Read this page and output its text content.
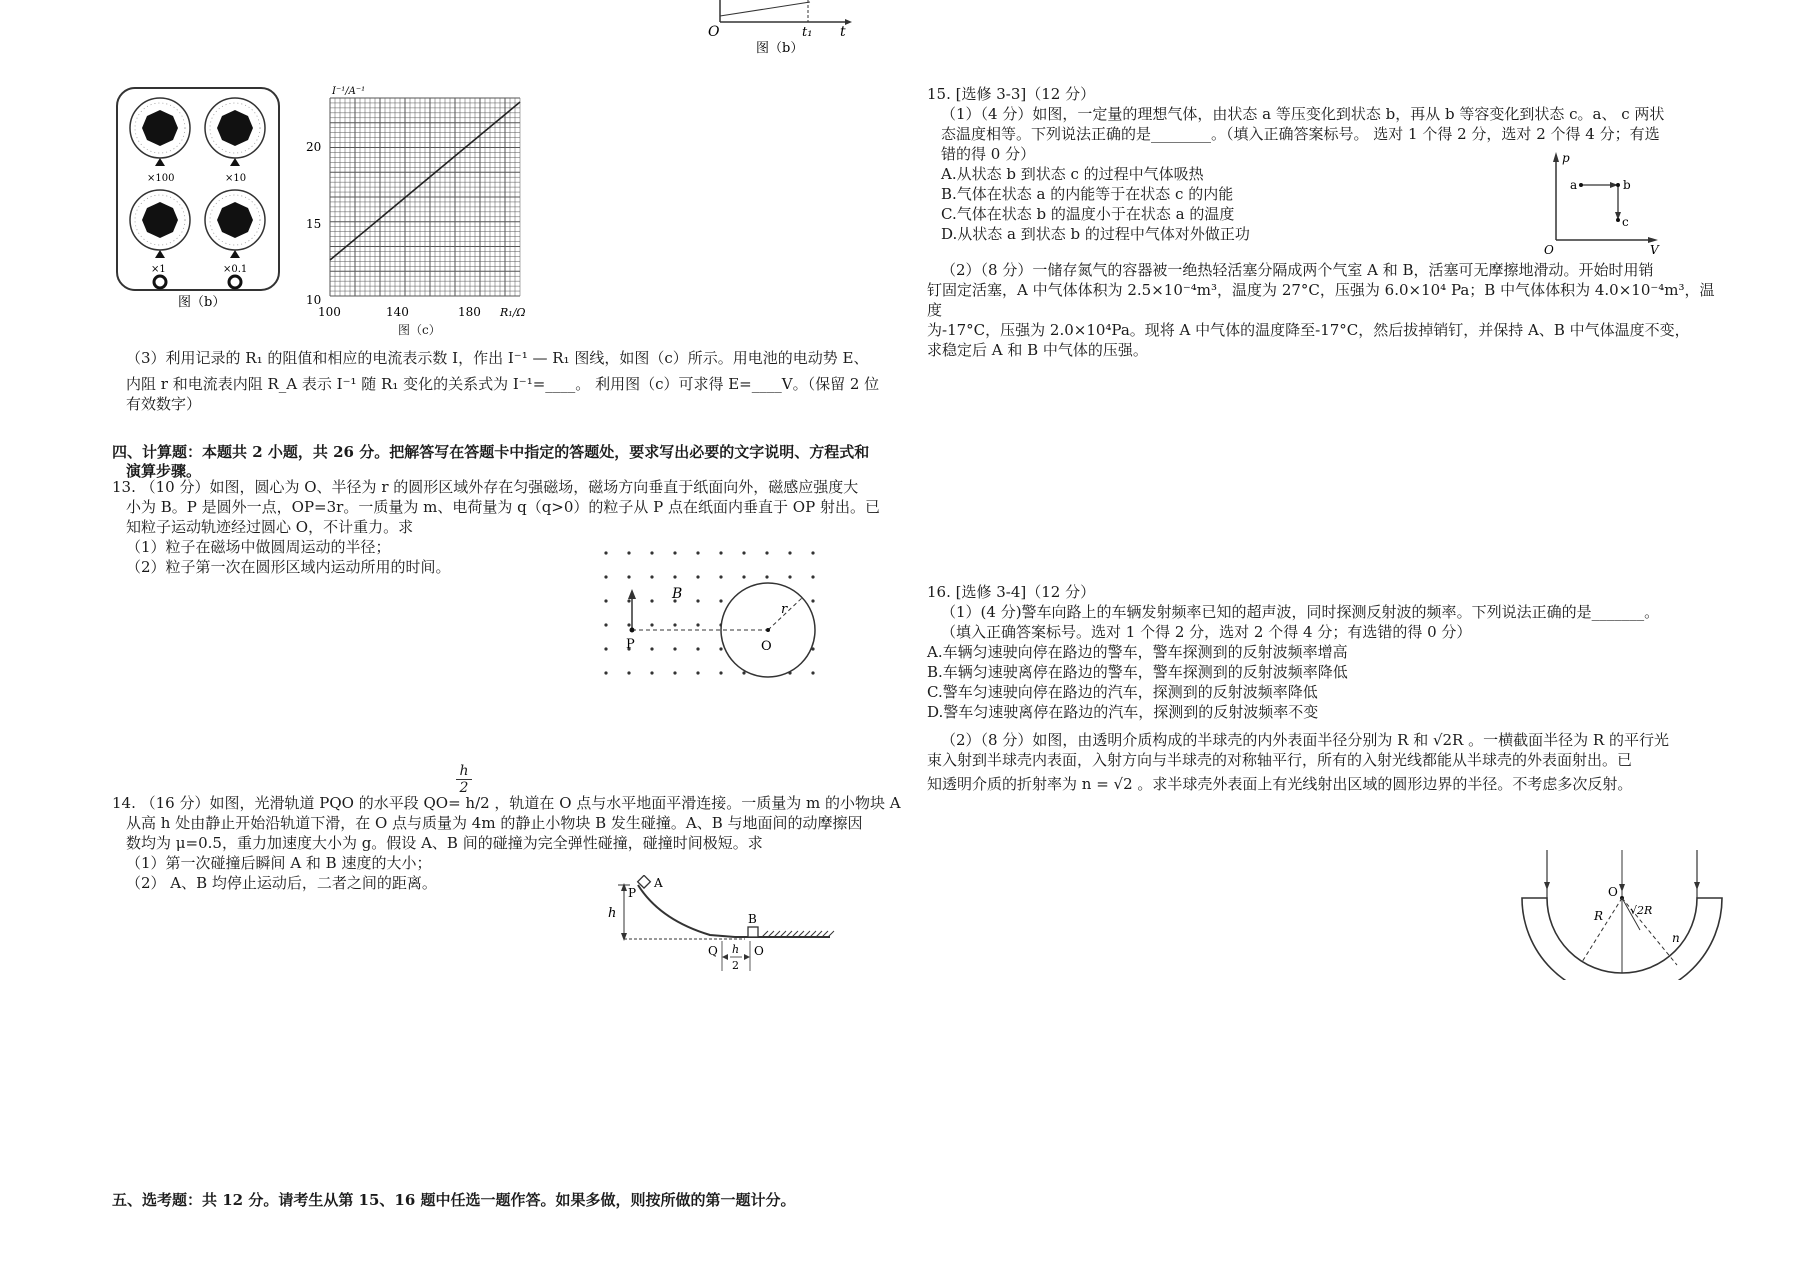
O	t₁ t
图（b）
×100	×10
×1	×0.1
图（b）
I⁻¹/A⁻¹
20
15
10
100	140	180 R₁/Ω
图（c）

（3）利用记录的 R₁ 的阻值和相应的电流表示数 I，作出 I⁻¹ — R₁ 图线，如图（c）所示。用电池的电动势 E、

内阻 r 和电流表内阻 R_A 表示 I⁻¹ 随 R₁ 变化的关系式为 I⁻¹=____。 利用图（c）可求得 E=____V。（保留 2 位

有效数字）

四、计算题：本题共 2 小题，共 26 分。把解答写在答题卡中指定的答题处，要求写出必要的文字说明、方程式和

演算步骤。

13. （10 分）如图，圆心为 O、半径为 r 的圆形区域外存在匀强磁场，磁场方向垂直于纸面向外，磁感应强度大

小为 B。P 是圆外一点，OP=3r。一质量为 m、电荷量为 q（q>0）的粒子从 P 点在纸面内垂直于 OP 射出。已

知粒子运动轨迹经过圆心 O，不计重力。求

（1）粒子在磁场中做圆周运动的半径；

（2）粒子第一次在圆形区域内运动所用的时间。

B
P	O
r
h
2

14. （16 分）如图，光滑轨道 PQO 的水平段 QO= h/2 ，轨道在 O 点与水平地面平滑连接。一质量为 m 的小物块 A

从高 h 处由静止开始沿轨道下滑，在 O 点与质量为 4m 的静止小物块 B 发生碰撞。A、B 与地面间的动摩擦因

数均为 μ=0.5，重力加速度大小为 g。假设 A、B 间的碰撞为完全弹性碰撞，碰撞时间极短。求

（1）第一次碰撞后瞬间 A 和 B 速度的大小；

（2） A、B 均停止运动后，二者之间的距离。

P
A
B
h
Q	O
h
2
五、选考题：共 12 分。请考生从第 15、16 题中任选一题作答。如果多做，则按所做的第一题计分。

15. [选修 3-3]（12 分）

（1）（4 分）如图，一定量的理想气体，由状态 a 等压变化到状态 b，再从 b 等容变化到状态 c。a、 c 两状

态温度相等。下列说法正确的是________。（填入正确答案标号。 选对 1 个得 2 分，选对 2 个得 4 分；有选

错的得 0 分）

A.从状态 b 到状态 c 的过程中气体吸热

B.气体在状态 a 的内能等于在状态 c 的内能

C.气体在状态 b 的温度小于在状态 a 的温度

D.从状态 a 到状态 b 的过程中气体对外做正功

p
V
O
a	b
c

（2）（8 分）一储存氮气的容器被一绝热轻活塞分隔成两个气室 A 和 B，活塞可无摩擦地滑动。开始时用销

钉固定活塞，A 中气体体积为 2.5×10⁻⁴m³，温度为 27°C，压强为 6.0×10⁴ Pa；B 中气体体积为 4.0×10⁻⁴m³，温度

为-17°C，压强为 2.0×10⁴Pa。现将 A 中气体的温度降至-17°C，然后拔掉销钉，并保持 A、B 中气体温度不变，

求稳定后 A 和 B 中气体的压强。

16. [选修 3-4]（12 分）

（1）(4 分)警车向路上的车辆发射频率已知的超声波，同时探测反射波的频率。下列说法正确的是_______。

（填入正确答案标号。选对 1 个得 2 分，选对 2 个得 4 分；有选错的得 0 分）

A.车辆匀速驶向停在路边的警车，警车探测到的反射波频率增高

B.车辆匀速驶离停在路边的警车，警车探测到的反射波频率降低

C.警车匀速驶向停在路边的汽车，探测到的反射波频率降低

D.警车匀速驶离停在路边的汽车，探测到的反射波频率不变

（2）（8 分）如图，由透明介质构成的半球壳的内外表面半径分别为 R 和 √2R 。一横截面半径为 R 的平行光

束入射到半球壳内表面，入射方向与半球壳的对称轴平行，所有的入射光线都能从半球壳的外表面射出。已

知透明介质的折射率为 n = √2 。求半球壳外表面上有光线射出区域的圆形边界的半径。不考虑多次反射。

R
O
√2R
n
